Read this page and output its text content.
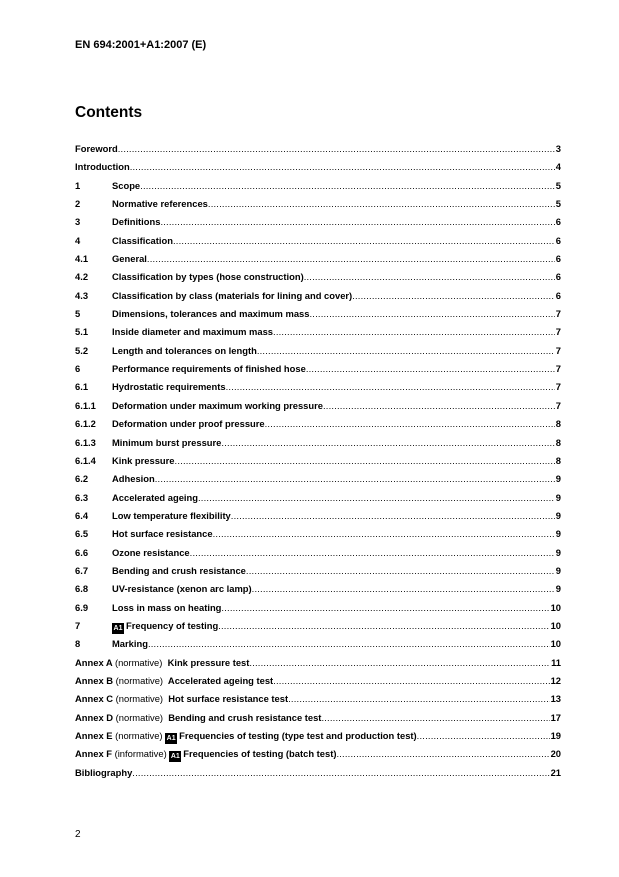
EN 694:2001+A1:2007 (E)
Contents
Foreword .....	3
Introduction .....	4
1	Scope .....	5
2	Normative references .....	5
3	Definitions .....	6
4	Classification .....	6
4.1	General .....	6
4.2	Classification by types (hose construction) .....	6
4.3	Classification by class (materials for lining and cover) .....	6
5	Dimensions, tolerances and maximum mass .....	7
5.1	Inside diameter and maximum mass .....	7
5.2	Length and tolerances on length .....	7
6	Performance requirements of finished hose .....	7
6.1	Hydrostatic requirements .....	7
6.1.1 Deformation under maximum working pressure .....	7
6.1.2 Deformation under proof pressure .....	8
6.1.3 Minimum burst pressure .....	8
6.1.4 Kink pressure .....	8
6.2	Adhesion .....	9
6.3	Accelerated ageing .....	9
6.4	Low temperature flexibility .....	9
6.5	Hot surface resistance .....	9
6.6	Ozone resistance .....	9
6.7	Bending and crush resistance .....	9
6.8	UV-resistance (xenon arc lamp) .....	9
6.9	Loss in mass on heating .....	10
7	A1 Frequency of testing .....	10
8	Marking .....	10
Annex A (normative) Kink pressure test .....	11
Annex B (normative) Accelerated ageing test .....	12
Annex C (normative) Hot surface resistance test .....	13
Annex D (normative) Bending and crush resistance test .....	17
Annex E (normative) A1 Frequencies of testing (type test and production test) .....	19
Annex F (informative) A1 Frequencies of testing (batch test) .....	20
Bibliography .....	21
2
